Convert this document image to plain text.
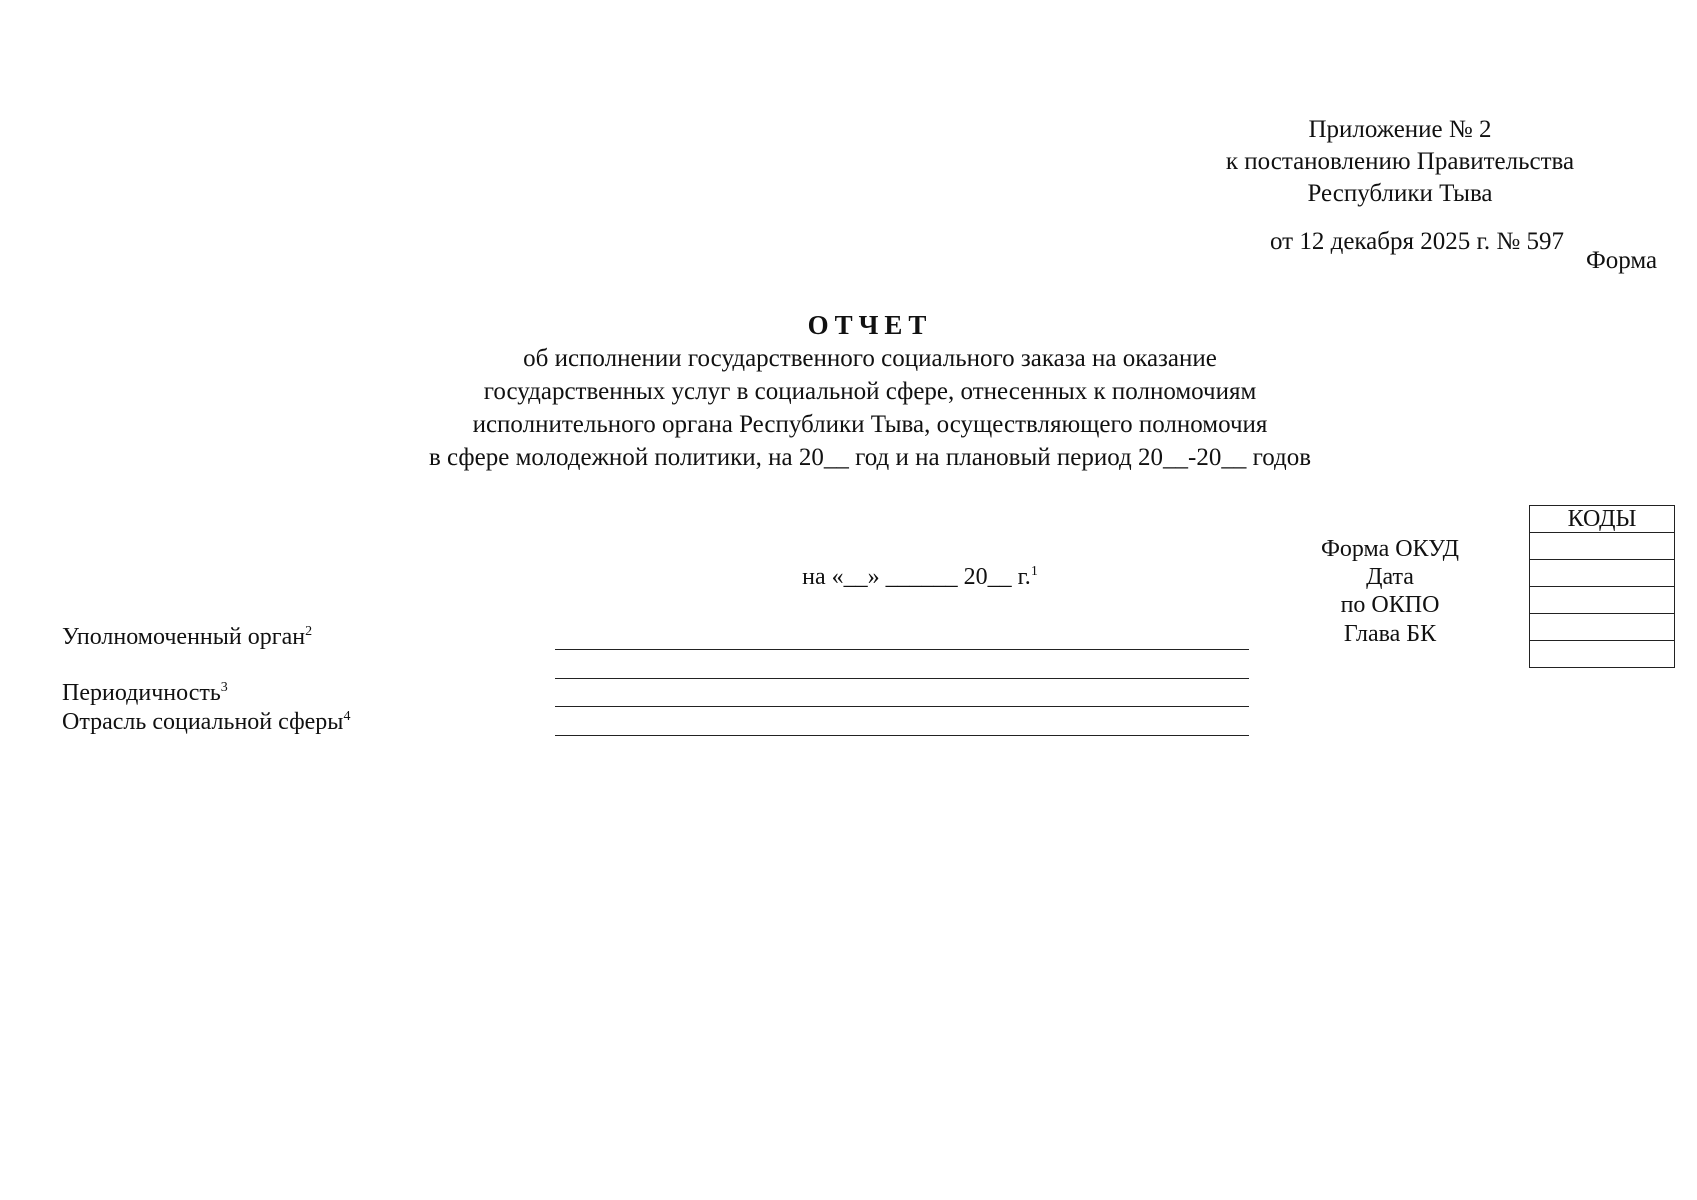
Приложение № 2
к постановлению Правительства
Республики Тыва
от 12 декабря 2025 г. № 597
Форма
ОТЧЕТ
об исполнении государственного социального заказа на оказание
государственных услуг в социальной сфере, отнесенных к полномочиям
исполнительного органа Республики Тыва, осуществляющего полномочия
в сфере молодежной политики, на 20__ год и на плановый период 20__-20__ годов
на «__» ______ 20__ г.$^1$
Уполномоченный орган$^2$
Периодичность$^3$
Отрасль социальной сферы$^4$
Форма ОКУД
Дата
по ОКПО
Глава БК
КОДЫ
